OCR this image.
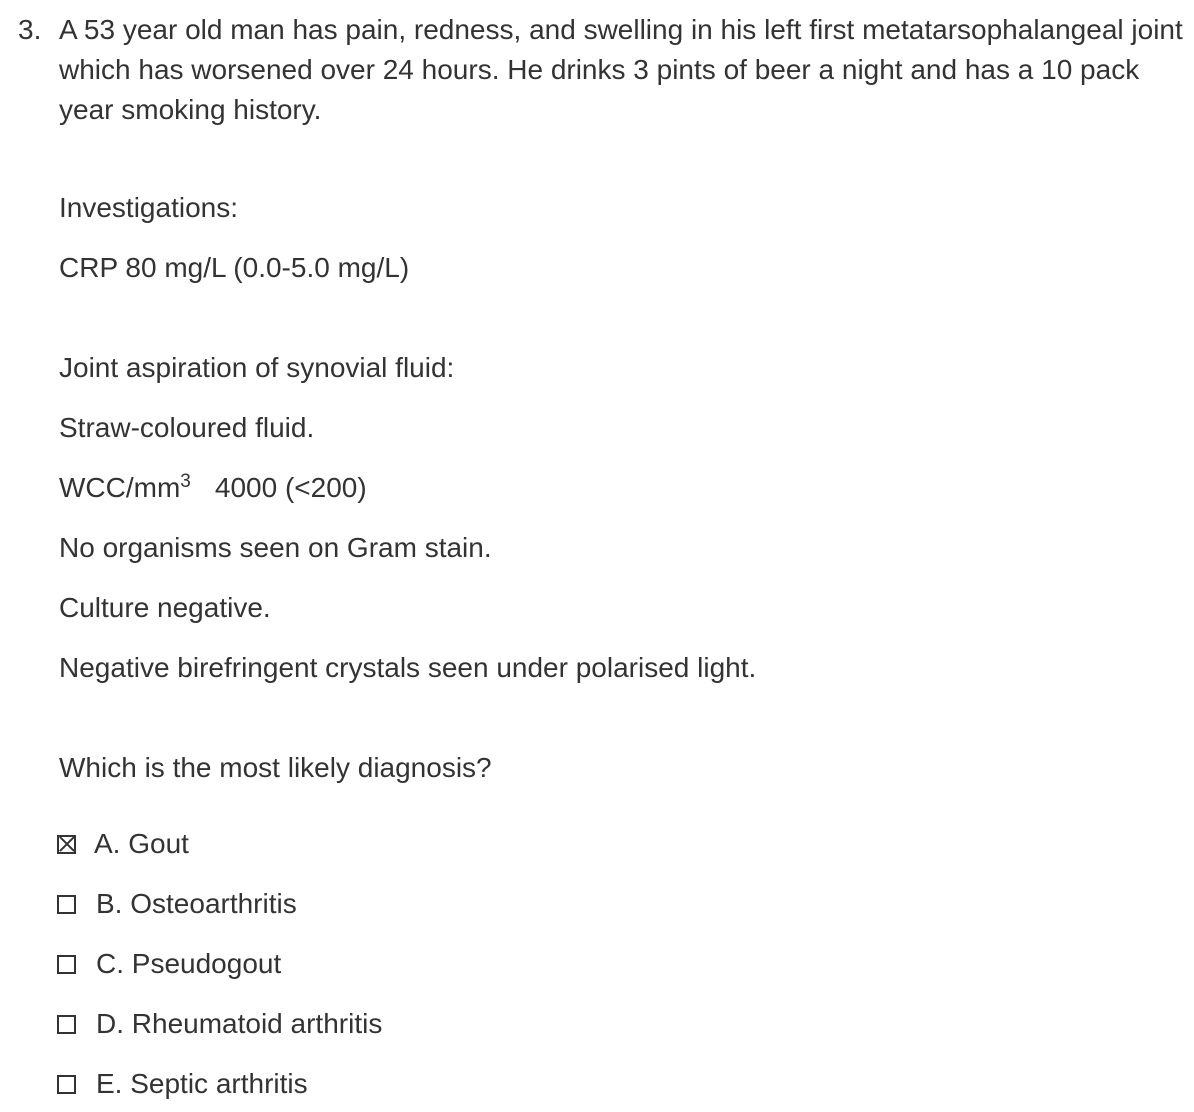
3. A 53 year old man has pain, redness, and swelling in his left first metatarsophalangeal joint which has worsened over 24 hours. He drinks 3 pints of beer a night and has a 10 pack year smoking history.

Investigations:
CRP 80 mg/L (0.0-5.0 mg/L)
Joint aspiration of synovial fluid:
Straw-coloured fluid.
WCC/$mm^3$ 4000 (<200)
No organisms seen on Gram stain.
Culture negative.
Negative birefringent crystals seen under polarised light.
Which is the most likely diagnosis?
A. Gout
B. Osteoarthritis
C. Pseudogout
D. Rheumatoid arthritis
E. Septic arthritis
